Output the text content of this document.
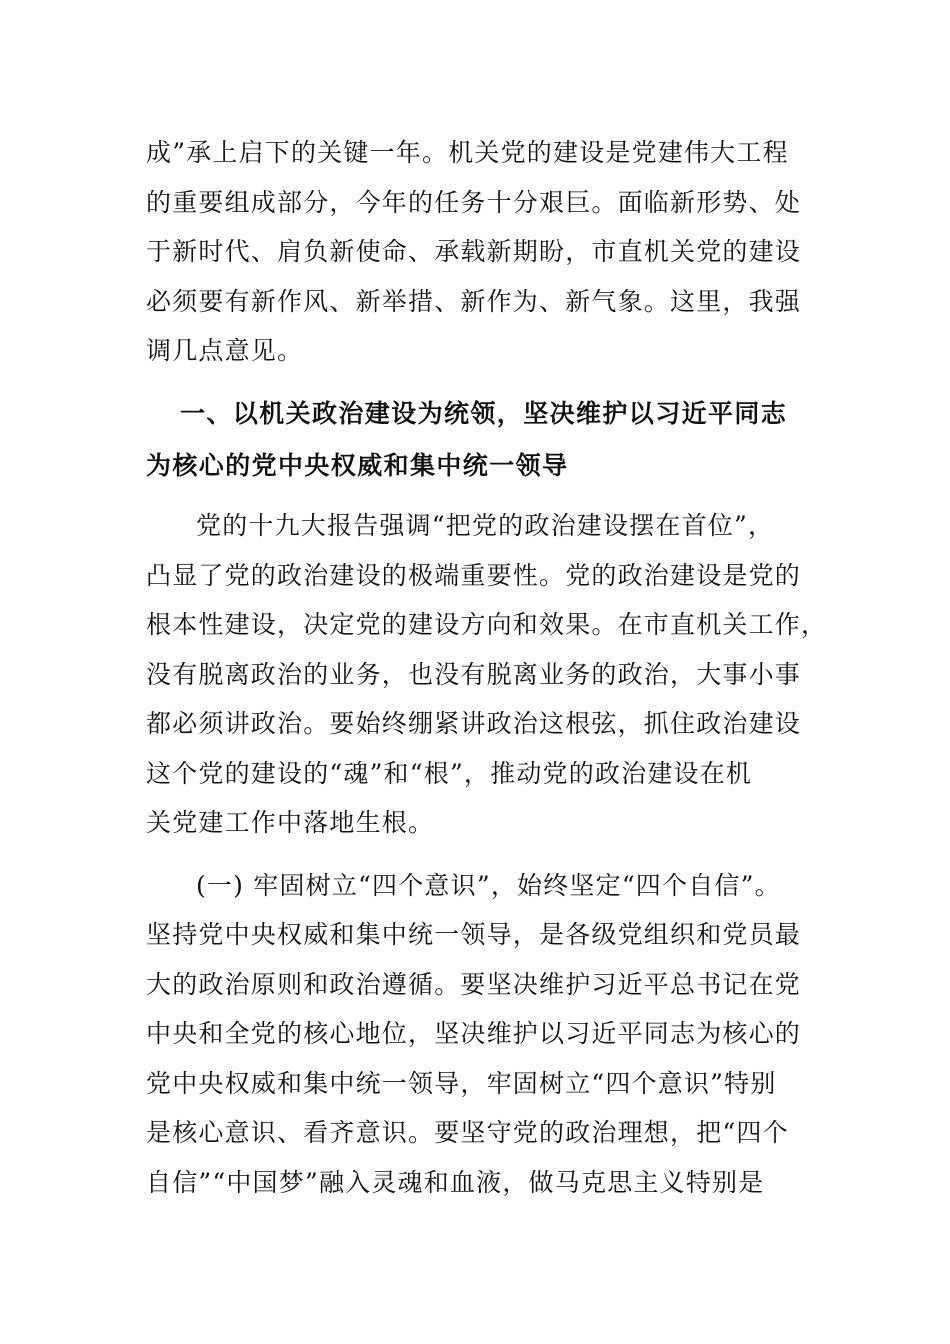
成”承上启下的关键一年。机关党的建设是党建伟大工程
的重要组成部分，今年的任务十分艰巨。面临新形势、处
于新时代、肩负新使命、承载新期盼，市直机关党的建设
必须要有新作风、新举措、新作为、新气象。这里，我强
调几点意见。
一、以机关政治建设为统领，坚决维护以习近平同志
为核心的党中央权威和集中统一领导
党的十九大报告强调“把党的政治建设摆在首位”，
凸显了党的政治建设的极端重要性。党的政治建设是党的
根本性建设，决定党的建设方向和效果。在市直机关工作，
没有脱离政治的业务，也没有脱离业务的政治，大事小事
都必须讲政治。要始终绷紧讲政治这根弦，抓住政治建设
这个党的建设的“魂”和“根”，推动党的政治建设在机
关党建工作中落地生根。
(一) 牢固树立“四个意识”，始终坚定“四个自信”。
坚持党中央权威和集中统一领导，是各级党组织和党员最
大的政治原则和政治遵循。要坚决维护习近平总书记在党
中央和全党的核心地位，坚决维护以习近平同志为核心的
党中央权威和集中统一领导，牢固树立“四个意识”特别
是核心意识、看齐意识。要坚守党的政治理想，把“四个
自信”“中国梦”融入灵魂和血液，做马克思主义特别是
